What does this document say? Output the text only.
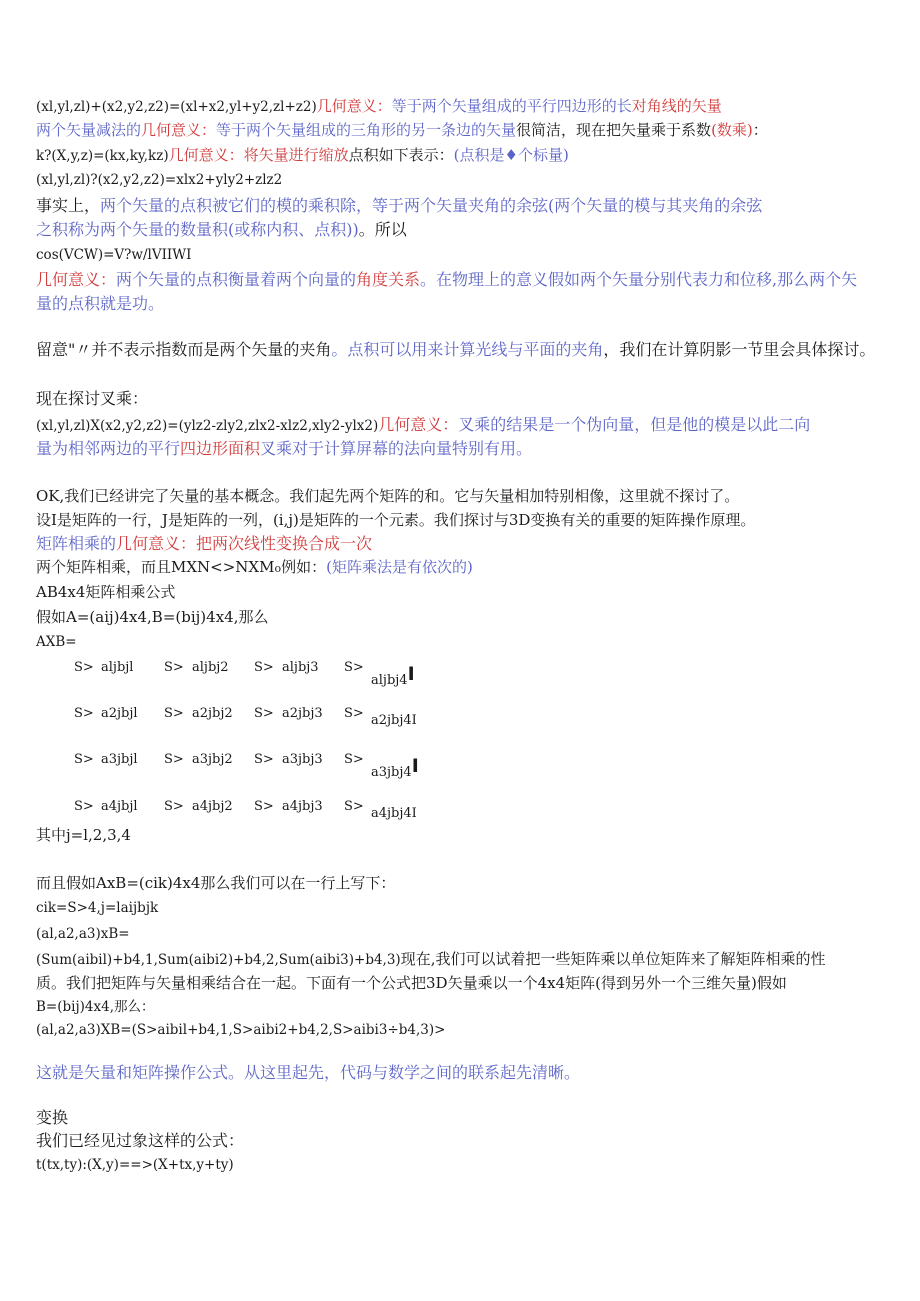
(xl,yl,zl)+(x2,y2,z2)=(xl+x2,yl+y2,zl+z2)几何意义：等于两个矢量组成的平行四边形的长对角线的矢量
两个矢量减法的几何意义：等于两个矢量组成的三角形的另一条边的矢量很简洁，现在把矢量乘于系数(数乘)：
k?(X,y,z)=(kx,ky,kz)几何意义：将矢量进行缩放点积如下表示：(点积是♦个标量)
(xl,yl,zl)?(x2,y2,z2)=xlx2+yly2+zlz2
事实上，两个矢量的点积被它们的模的乘积除，等于两个矢量夹角的余弦(两个矢量的模与其夹角的余弦
之积称为两个矢量的数量积(或称内积、点积))。所以
cos(VCW)=V?w/lVIIWI
几何意义：两个矢量的点积衡量着两个向量的角度关系。在物理上的意义假如两个矢量分别代表力和位移,那么两个矢
量的点积就是功。
留意"〃并不表示指数而是两个矢量的夹角。点积可以用来计算光线与平面的夹角，我们在计算阴影一节里会具体探讨。
现在探讨叉乘：
(xl,yl,zl)X(x2,y2,z2)=(ylz2-zly2,zlx2-xlz2,xly2-ylx2)几何意义：叉乘的结果是一个伪向量，但是他的模是以此二向
量为相邻两边的平行四边形面积叉乘对于计算屏幕的法向量特别有用。
OK,我们已经讲完了矢量的基本概念。我们起先两个矩阵的和。它与矢量相加特别相像，这里就不探讨了。
设I是矩阵的一行，J是矩阵的一列，(i,j)是矩阵的一个元素。我们探讨与3D变换有关的重要的矩阵操作原理。
矩阵相乘的几何意义：把两次线性变换合成一次
两个矩阵相乘，而且MXN<>NXMo例如：(矩阵乘法是有依次的)
AB4x4矩阵相乘公式
假如A=(aij)4x4,B=(bij)4x4,那么
AXB=
S> aljbjl S> aljbj2 S> aljbj3 S>
aljbj4I
S> a2jbjl S> a2jbj2 S> a2jbj3 S> a2jbj4I
S> a3jbjl S> a3jbj2 S> a3jbj3 S>
a3jbj4I
S> a4jbjl S> a4jbj2 S> a4jbj3 S> a4jbj4I
其中j=l,2,3,4
而且假如AxB=(cik)4x4那么我们可以在一行上写下：
cik=S>4,j=laijbjk
(al,a2,a3)xB=
(Sum(aibil)+b4,1,Sum(aibi2)+b4,2,Sum(aibi3)+b4,3)现在,我们可以试着把一些矩阵乘以单位矩阵来了解矩阵相乘的性
质。我们把矩阵与矢量相乘结合在一起。下面有一个公式把3D矢量乘以一个4x4矩阵(得到另外一个三维矢量)假如
B=(bij)4x4,那么：
(al,a2,a3)XB=(S>aibil+b4,1,S>aibi2+b4,2,S>aibi3÷b4,3)>
这就是矢量和矩阵操作公式。从这里起先，代码与数学之间的联系起先清晰。
变换
我们已经见过象这样的公式：
t(tx,ty):(X,y)==>(X+tx,y+ty)
